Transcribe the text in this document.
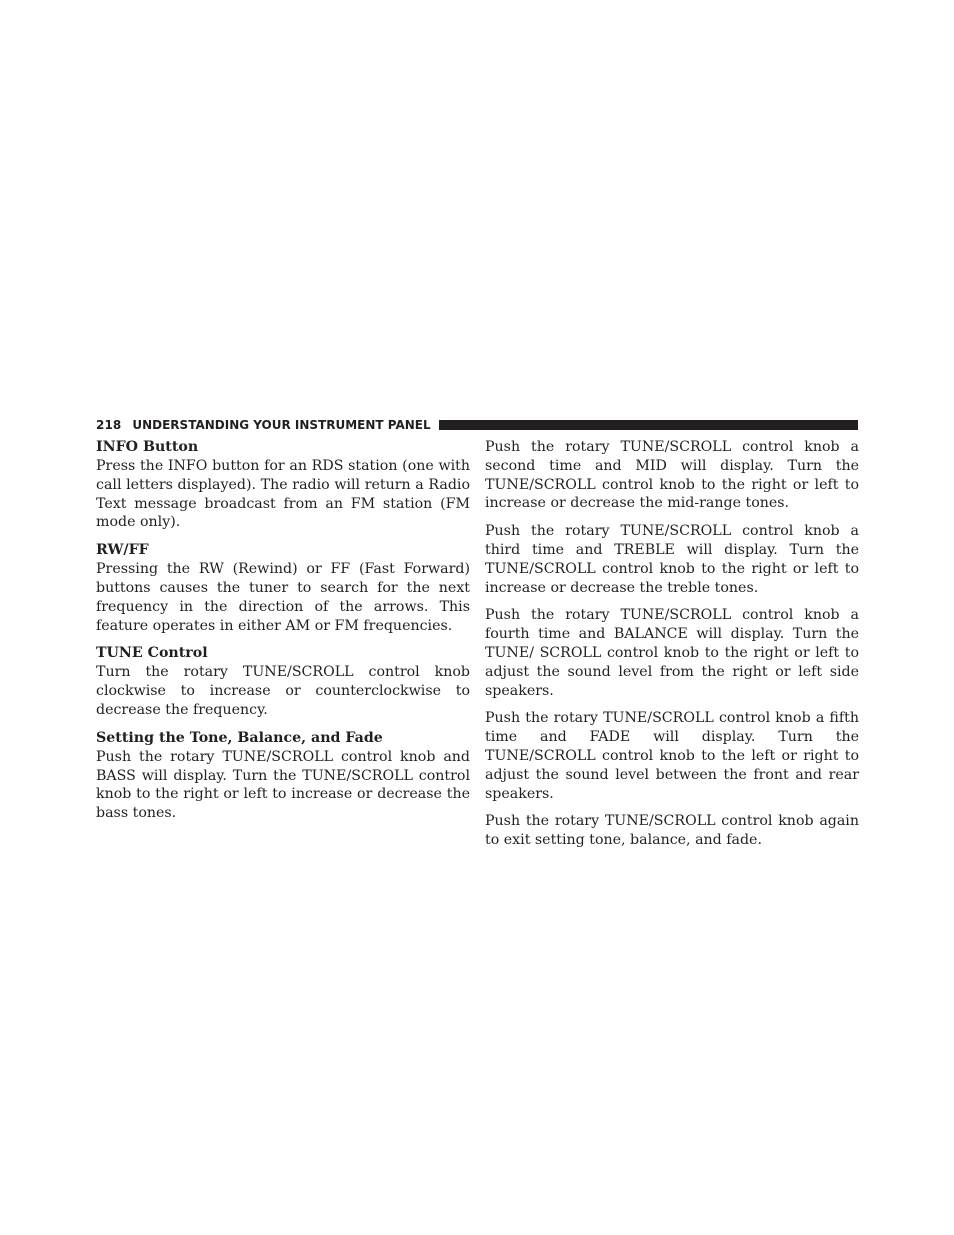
218 UNDERSTANDING YOUR INSTRUMENT PANEL
INFO Button

Press the INFO button for an RDS station (one with call letters displayed). The radio will return a Radio Text message broadcast from an FM station (FM mode only).

RW/FF

Pressing the RW (Rewind) or FF (Fast Forward) buttons causes the tuner to search for the next frequency in the direction of the arrows. This feature operates in either AM or FM frequencies.

TUNE Control

Turn the rotary TUNE/SCROLL control knob clockwise to increase or counterclockwise to decrease the frequency.

Setting the Tone, Balance, and Fade

Push the rotary TUNE/SCROLL control knob and BASS will display. Turn the TUNE/SCROLL control knob to the right or left to increase or decrease the bass tones.

Push the rotary TUNE/SCROLL control knob a second time and MID will display. Turn the TUNE/SCROLL control knob to the right or left to increase or decrease the mid-range tones.

Push the rotary TUNE/SCROLL control knob a third time and TREBLE will display. Turn the TUNE/SCROLL control knob to the right or left to increase or decrease the treble tones.

Push the rotary TUNE/SCROLL control knob a fourth time and BALANCE will display. Turn the TUNE/ SCROLL control knob to the right or left to adjust the sound level from the right or left side speakers.

Push the rotary TUNE/SCROLL control knob a fifth time and FADE will display. Turn the TUNE/SCROLL control knob to the left or right to adjust the sound level between the front and rear speakers.

Push the rotary TUNE/SCROLL control knob again to exit setting tone, balance, and fade.
